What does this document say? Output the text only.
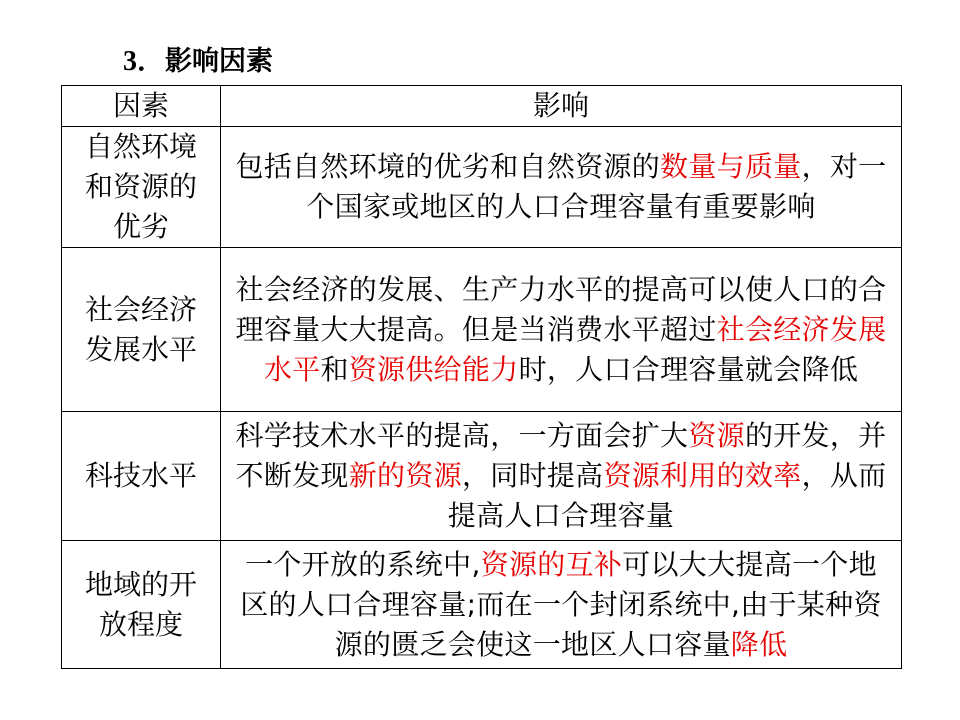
3．影响因素
因素	影响
自然环境和资源的优劣	包括自然环境的优劣和自然资源的数量与质量，对一个国家或地区的人口合理容量有重要影响
社会经济发展水平	社会经济的发展、生产力水平的提高可以使人口的合理容量大大提高。但是当消费水平超过社会经济发展水平和资源供给能力时，人口合理容量就会降低
科技水平	科学技术水平的提高，一方面会扩大资源的开发，并不断发现新的资源，同时提高资源利用的效率，从而提高人口合理容量
地域的开放程度	一个开放的系统中,资源的互补可以大大提高一个地区的人口合理容量;而在一个封闭系统中,由于某种资源的匮乏会使这一地区人口容量降低
